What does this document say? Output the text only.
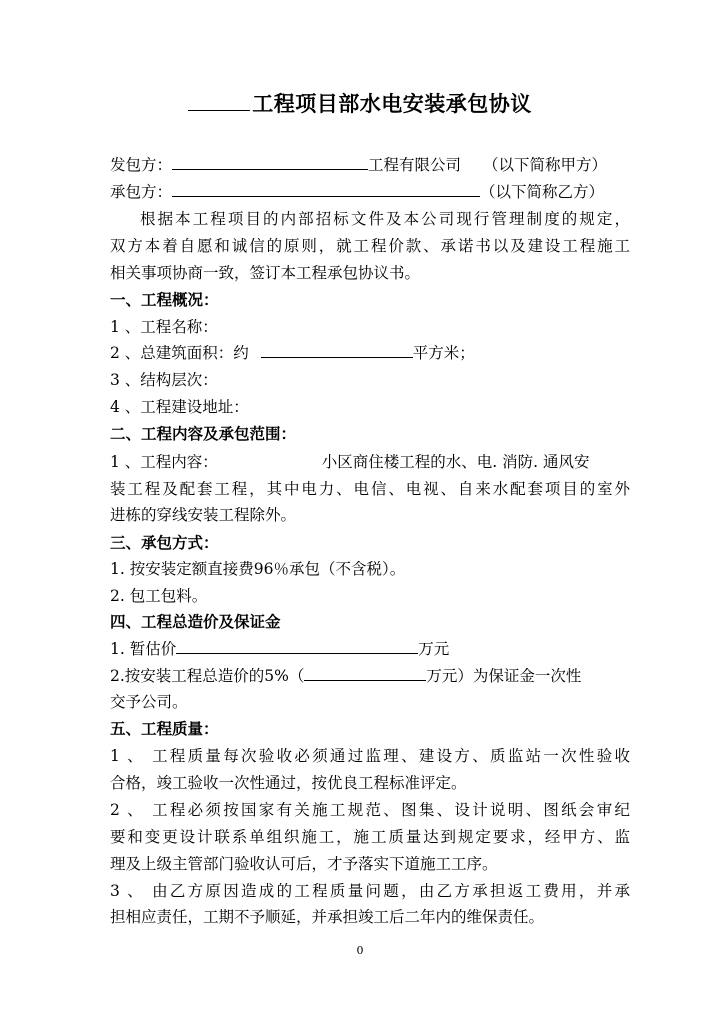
工程项目部水电安装承包协议
发包方：	工程有限公司 （以下简称甲方）
承包方：	（以下简称乙方）
根据本工程项目的内部招标文件及本公司现行管理制度的规定，
双方本着自愿和诚信的原则，就工程价款、承诺书以及建设工程施工
相关事项协商一致，签订本工程承包协议书。
一、工程概况：
1 、工程名称：
2 、总建筑面积：约	平方米；
3 、结构层次：
4 、工程建设地址：
二、工程内容及承包范围：
1 、工程内容：	小区商住楼工程的水、电. 消防. 通风安
装工程及配套工程，其中电力、电信、电视、自来水配套项目的室外
进栋的穿线安装工程除外。
三、承包方式：
1. 按安装定额直接费96％承包（不含税）。
2. 包工包料。
四、工程总造价及保证金
1. 暂估价	万元
2.按安装工程总造价的5%（	万元）为保证金一次性
交予公司。
五、工程质量：
1 、 工程质量每次验收必须通过监理、建设方、质监站一次性验收
合格，竣工验收一次性通过，按优良工程标准评定。
2 、 工程必须按国家有关施工规范、图集、设计说明、图纸会审纪
要和变更设计联系单组织施工，施工质量达到规定要求，经甲方、监
理及上级主管部门验收认可后，才予落实下道施工工序。
3 、 由乙方原因造成的工程质量问题，由乙方承担返工费用，并承
担相应责任，工期不予顺延，并承担竣工后二年内的维保责任。
0
